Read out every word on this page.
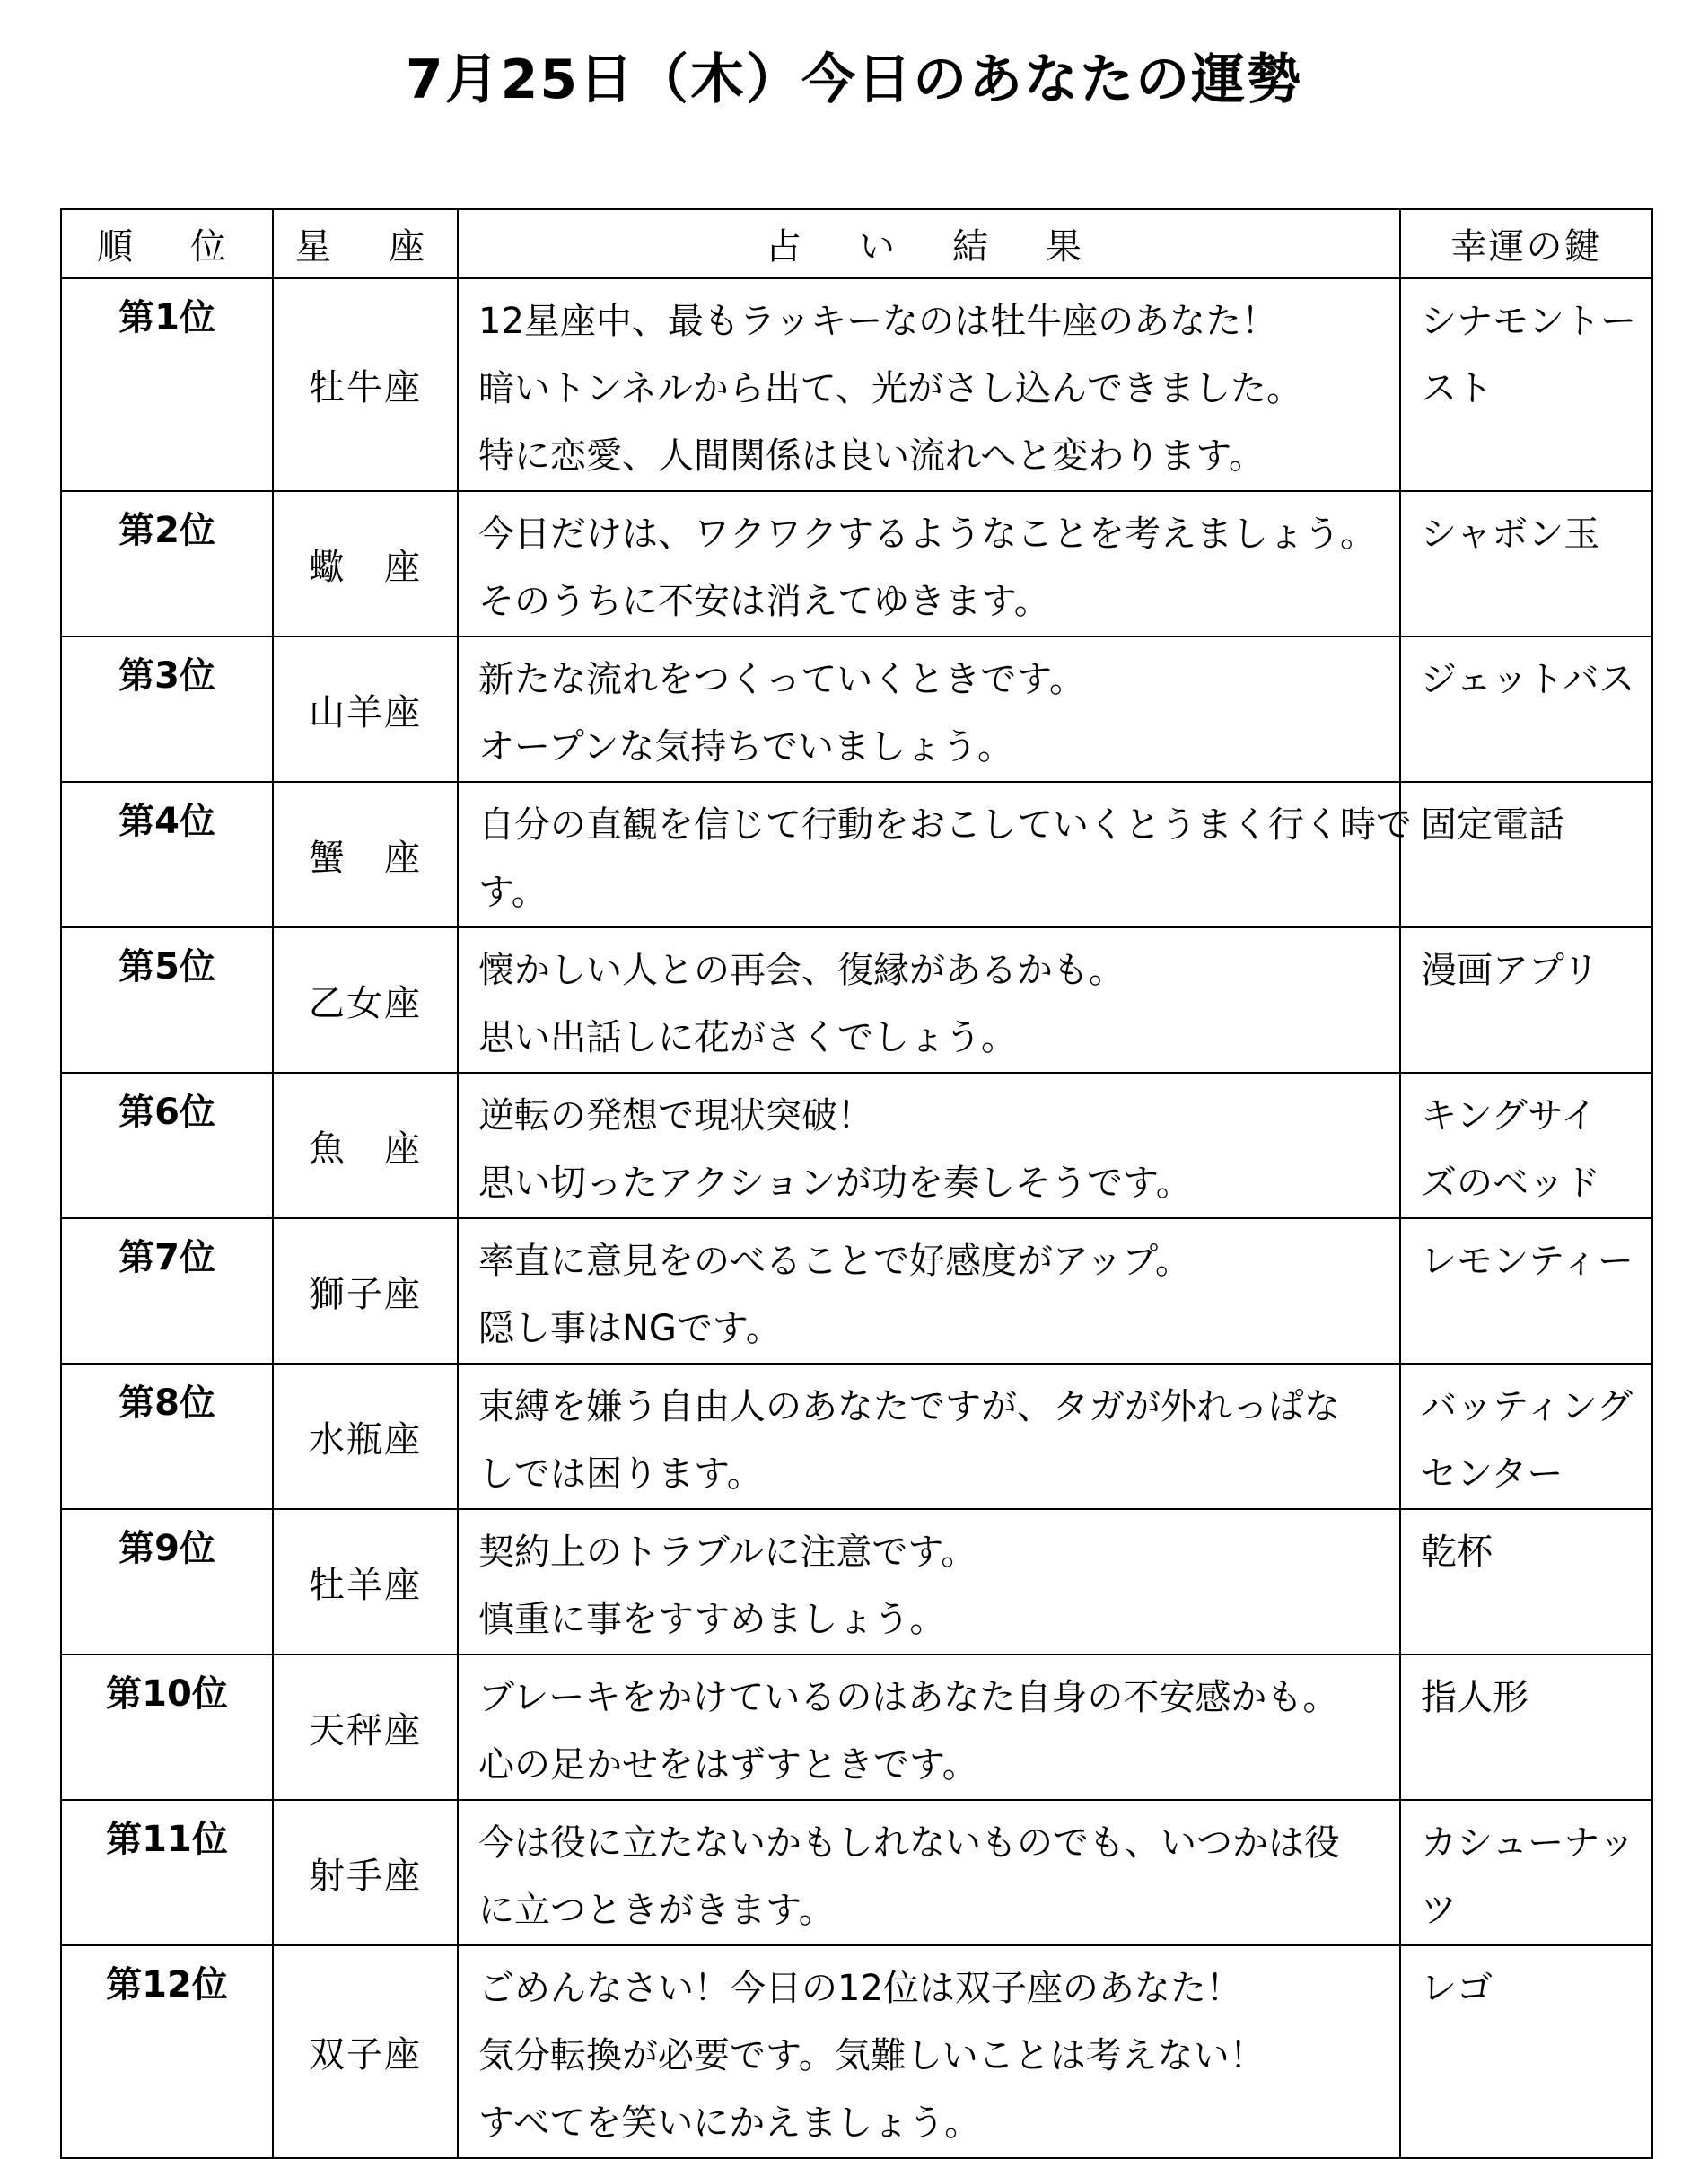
7月25日（木）今日のあなたの運勢
順　位	星　座	占　い　結　果	幸運の鍵
第1位	牡牛座	12星座中、最もラッキーなのは牡牛座のあなた！
暗いトンネルから出て、光がさし込んできました。
特に恋愛、人間関係は良い流れへと変わります。	シナモントー
スト

第2位	蠍　座	今日だけは、ワクワクするようなことを考えましょう。
そのうちに不安は消えてゆきます。	シャボン玉

第3位	山羊座	新たな流れをつくっていくときです。
オープンな気持ちでいましょう。	ジェットバス

第4位	蟹　座	自分の直観を信じて行動をおこしていくとうまく行く時で
す。	固定電話

第5位	乙女座	懐かしい人との再会、復縁があるかも。
思い出話しに花がさくでしょう。	漫画アプリ

第6位	魚　座	逆転の発想で現状突破！
思い切ったアクションが功を奏しそうです。	キングサイ
ズのベッド

第7位	獅子座	率直に意見をのべることで好感度がアップ。
隠し事はNGです。	レモンティー

第8位	水瓶座	束縛を嫌う自由人のあなたですが、タガが外れっぱな
しでは困ります。	バッティング
センター

第9位	牡羊座	契約上のトラブルに注意です。
慎重に事をすすめましょう。	乾杯

第10位	天秤座	ブレーキをかけているのはあなた自身の不安感かも。
心の足かせをはずすときです。	指人形

第11位	射手座	今は役に立たないかもしれないものでも、いつかは役
に立つときがきます。	カシューナッ
ツ

第12位	双子座	ごめんなさい！今日の12位は双子座のあなた！
気分転換が必要です。気難しいことは考えない！
すべてを笑いにかえましょう。	レゴ
